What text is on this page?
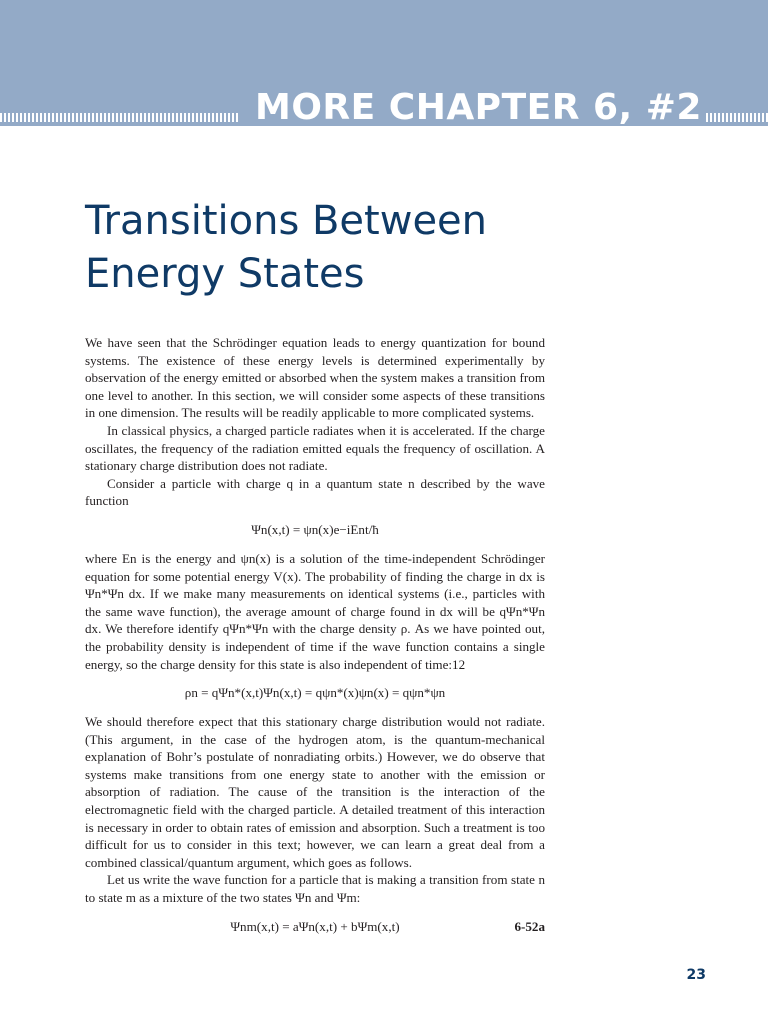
MORE CHAPTER 6, #2
Transitions Between
Energy States

We have seen that the Schrödinger equation leads to energy quantization for bound systems. The existence of these energy levels is determined experimentally by observation of the energy emitted or absorbed when the system makes a transition from one level to another. In this section, we will consider some aspects of these transitions in one dimension. The results will be readily applicable to more complicated systems.

In classical physics, a charged particle radiates when it is accelerated. If the charge oscillates, the frequency of the radiation emitted equals the frequency of oscillation. A stationary charge distribution does not radiate.

Consider a particle with charge q in a quantum state n described by the wave function

Ψn(x,t) = ψn(x)e−iEnt/ħ

where En is the energy and ψn(x) is a solution of the time-independent Schrödinger equation for some potential energy V(x). The probability of finding the charge in dx is Ψn*Ψn dx. If we make many measurements on identical systems (i.e., particles with the same wave function), the average amount of charge found in dx will be qΨn*Ψn dx. We therefore identify qΨn*Ψn with the charge density ρ. As we have pointed out, the probability density is independent of time if the wave function contains a single energy, so the charge density for this state is also independent of time:12

ρn = qΨn*(x,t)Ψn(x,t) = qψn*(x)ψn(x) = qψn*ψn

We should therefore expect that this stationary charge distribution would not radiate. (This argument, in the case of the hydrogen atom, is the quantum-mechanical explanation of Bohr’s postulate of nonradiating orbits.) However, we do observe that systems make transitions from one energy state to another with the emission or absorption of radiation. The cause of the transition is the interaction of the electromagnetic field with the charged particle. A detailed treatment of this interaction is necessary in order to obtain rates of emission and absorption. Such a treatment is too difficult for us to consider in this text; however, we can learn a great deal from a combined classical/quantum argument, which goes as follows.

Let us write the wave function for a particle that is making a transition from state n to state m as a mixture of the two states Ψn and Ψm:

Ψnm(x,t) = aΨn(x,t) + bΨm(x,t)	6-52a

23
